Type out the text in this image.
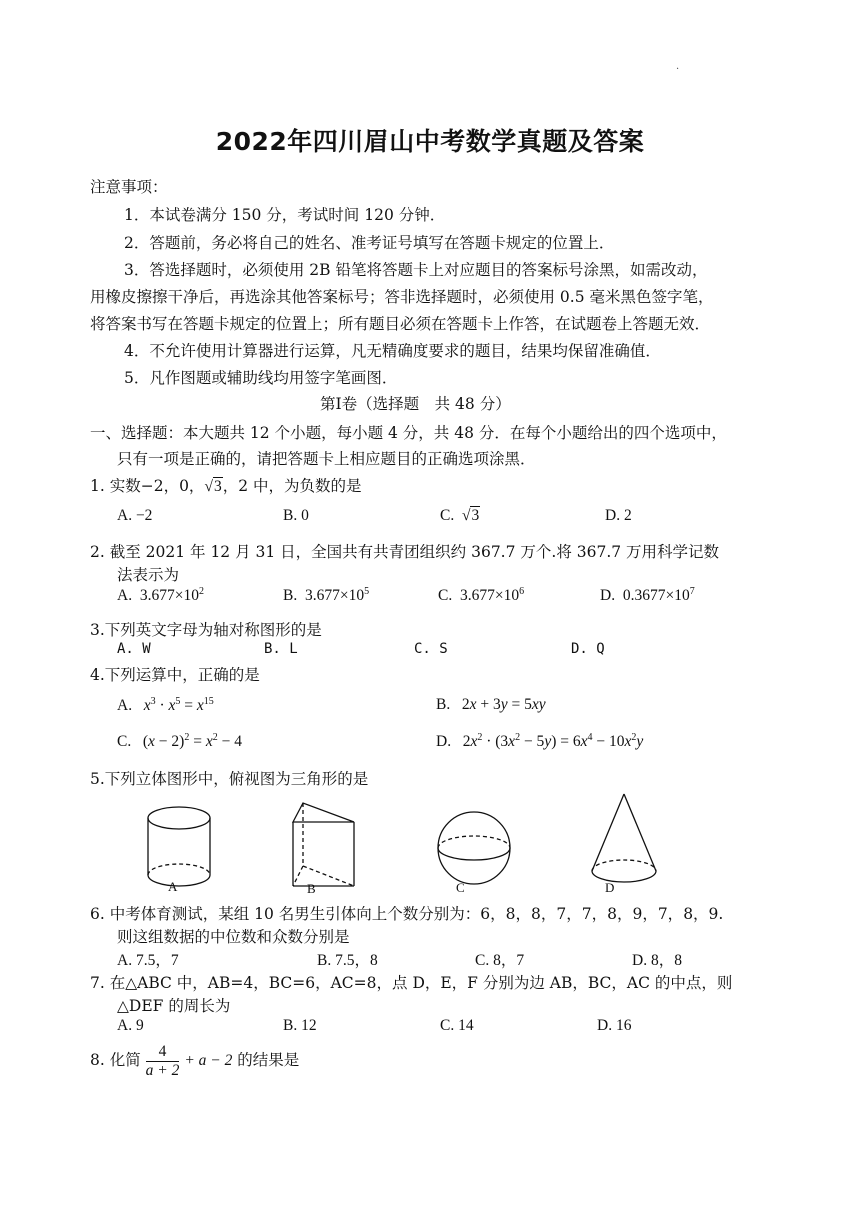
·
2022年四川眉山中考数学真题及答案
注意事项：
1．本试卷满分 150 分，考试时间 120 分钟．
2．答题前，务必将自己的姓名、准考证号填写在答题卡规定的位置上．
3．答选择题时，必须使用 2B 铅笔将答题卡上对应题目的答案标号涂黑，如需改动，
用橡皮擦擦干净后，再选涂其他答案标号；答非选择题时，必须使用 0.5 毫米黑色签字笔，
将答案书写在答题卡规定的位置上；所有题目必须在答题卡上作答，在试题卷上答题无效．
4．不允许使用计算器进行运算，凡无精确度要求的题目，结果均保留准确值．
5．凡作图题或辅助线均用签字笔画图．
第Ⅰ卷（选择题　共 48 分）
一、选择题：本大题共 12 个小题，每小题 4 分，共 48 分．在每个小题给出的四个选项中，
只有一项是正确的，请把答题卡上相应题目的正确选项涂黑．
1. 实数−2，0，√3，2 中，为负数的是
A. −2	B. 0	C. √3	D. 2
2. 截至 2021 年 12 月 31 日，全国共有共青团组织约 367.7 万个.将 367.7 万用科学记数
法表示为
A. $3.677\times 10^2$	B. $3.677\times 10^5$	C. $3.677\times 10^6$	D. $0.3677\times 10^7$
3.下列英文字母为轴对称图形的是
A. W	B. L	C. S	D. Q
4.下列运算中，正确的是
A. $x^3 \cdot x^5 = x^{15}$	B.   2x + 3y = 5xy
C.   $(x - 2)^2 = x^2 - 4$	D.   $2x^2 \cdot (3x^2 - 5y) = 6x^4 - 10x^2y$
5.下列立体图形中，俯视图为三角形的是
A	B	C	D
6. 中考体育测试，某组 10 名男生引体向上个数分别为：6，8，8，7，7，8，9，7，8，9.
则这组数据的中位数和众数分别是
A. 7.5，7	B. 7.5，8	C. 8，7	D. 8，8
7. 在△ABC 中，AB=4，BC=6，AC=8，点 D，E，F 分别为边 AB，BC，AC 的中点，则
△DEF 的周长为
A. 9	B. 12	C. 14	D. 16
8. 化简 $\frac{4}{a + 2} + a - 2$ 的结果是
